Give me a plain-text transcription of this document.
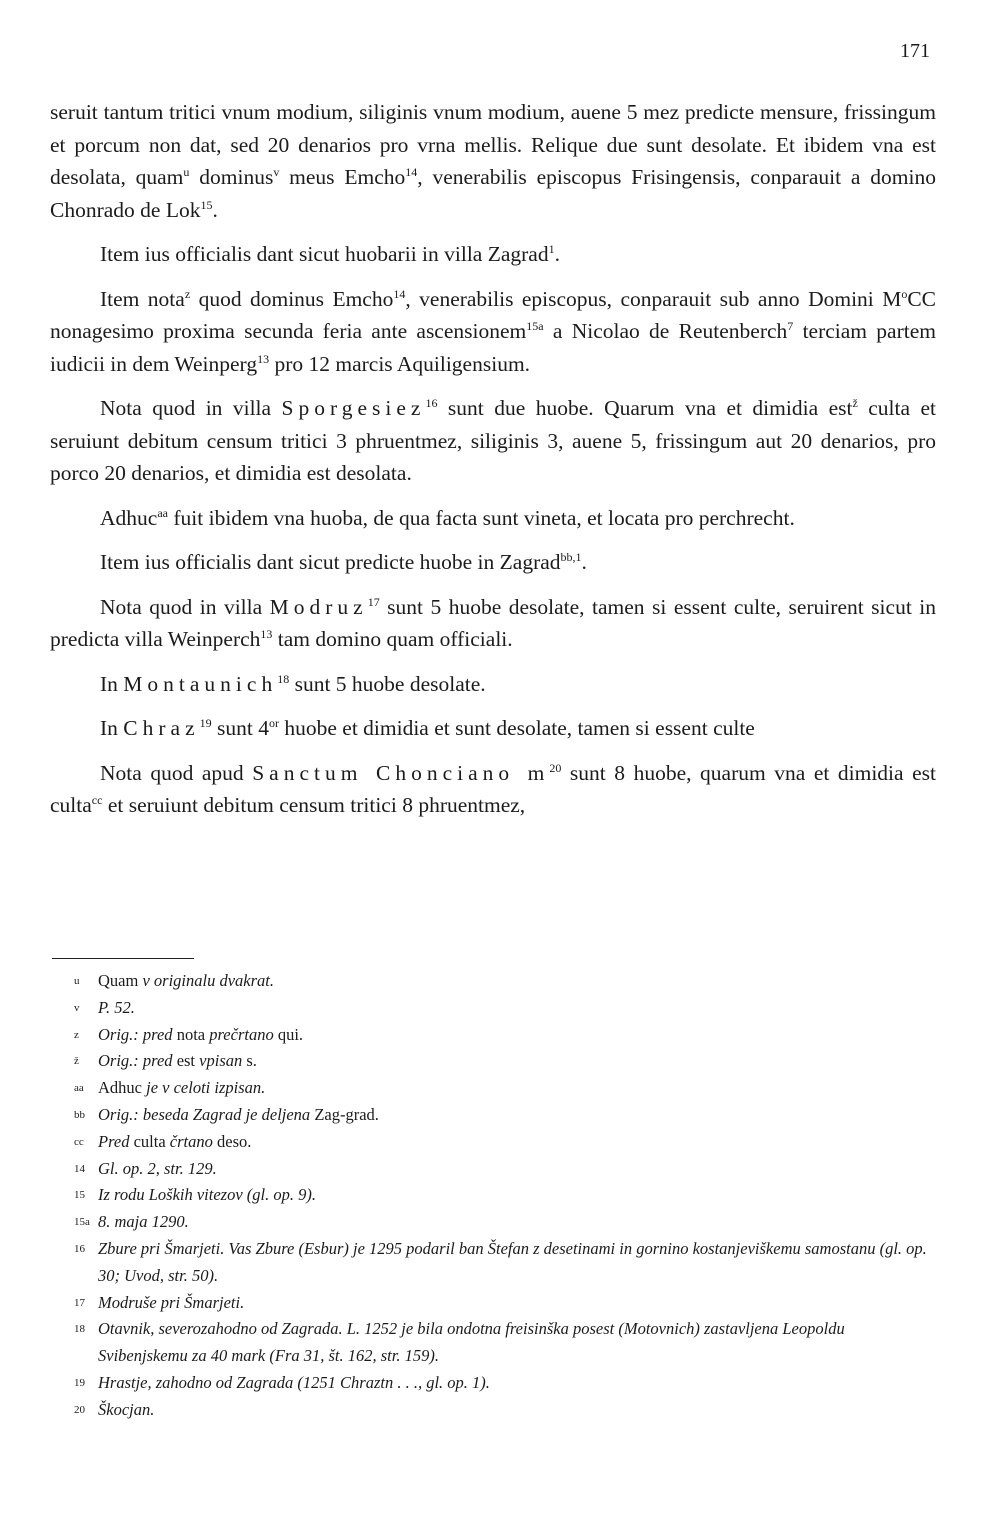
171

seruit tantum tritici vnum modium, siliginis vnum modium, auene 5 mez predicte mensure, frissingum et porcum non dat, sed 20 denarios pro vrna mellis. Relique due sunt desolate. Et ibidem vna est desolata, quam$^u$ dominus$^v$ meus Emcho$^{14}$, venerabilis episcopus Frisingensis, conparauit a domino Chonrado de Lok$^{15}$.

Item ius officialis dant sicut huobarii in villa Zagrad$^1$.

Item nota$^z$ quod dominus Emcho$^{14}$, venerabilis episcopus, conparauit sub anno Domini $M^oCC$ nonagesimo proxima secunda feria ante ascensionem$^{15a}$ a Nicolao de Reutenberch$^7$ terciam partem iudicii in dem Weinperg$^{13}$ pro 12 marcis Aquiligensium.

Nota quod in villa Sporgesiez$^{16}$ sunt due huobe. Quarum vna et dimidia est$^ž$ culta et seruiunt debitum censum tritici 3 phruentmez, siliginis 3, auene 5, frissingum aut 20 denarios, pro porco 20 denarios, et dimidia est desolata.

Adhuc$^{aa}$ fuit ibidem vna huoba, de qua facta sunt vineta, et locata pro perchrecht.

Item ius officialis dant sicut predicte huobe in Zagrad$^{bb,1}$.

Nota quod in villa Modruz$^{17}$ sunt 5 huobe desolate, tamen si essent culte, seruirent sicut in predicta villa Weinperch$^{13}$ tam domino quam officiali.

In Montaunich$^{18}$ sunt 5 huobe desolate.

In Chraz$^{19}$ sunt $4^{or}$ huobe et dimidia et sunt desolate, tamen si essent culte

Nota quod apud Sanctum Chonciano $m^{20}$ sunt 8 huobe, quarum vna et dimidia est culta$^{cc}$ et seruiunt debitum censum tritici 8 phruentmez,

u Quam v originalu dvakrat.
v P. 52.
z Orig.: pred nota prečrtano qui.
ž Orig.: pred est vpisan s.
aa Adhuc je v celoti izpisan.
bb Orig.: beseda Zagrad je deljena Zag-grad.
cc Pred culta črtano deso.
14 Gl. op. 2, str. 129.
15 Iz rodu Loških vitezov (gl. op. 9).
15a 8. maja 1290.
16 Zbure pri Šmarjeti. Vas Zbure (Esbur) je 1295 podaril ban Štefan z desetinami in gornino kostanjeviškemu samostanu (gl. op. 30; Uvod, str. 50).
17 Modruše pri Šmarjeti.
18 Otavnik, severozahodno od Zagrada. L. 1252 je bila ondotna freisinška posest (Motovnich) zastavljena Leopoldu Svibenjskemu za 40 mark (Fra 31, št. 162, str. 159).
19 Hrastje, zahodno od Zagrada (1251 Chraztn . . ., gl. op. 1).
20 Škocjan.
